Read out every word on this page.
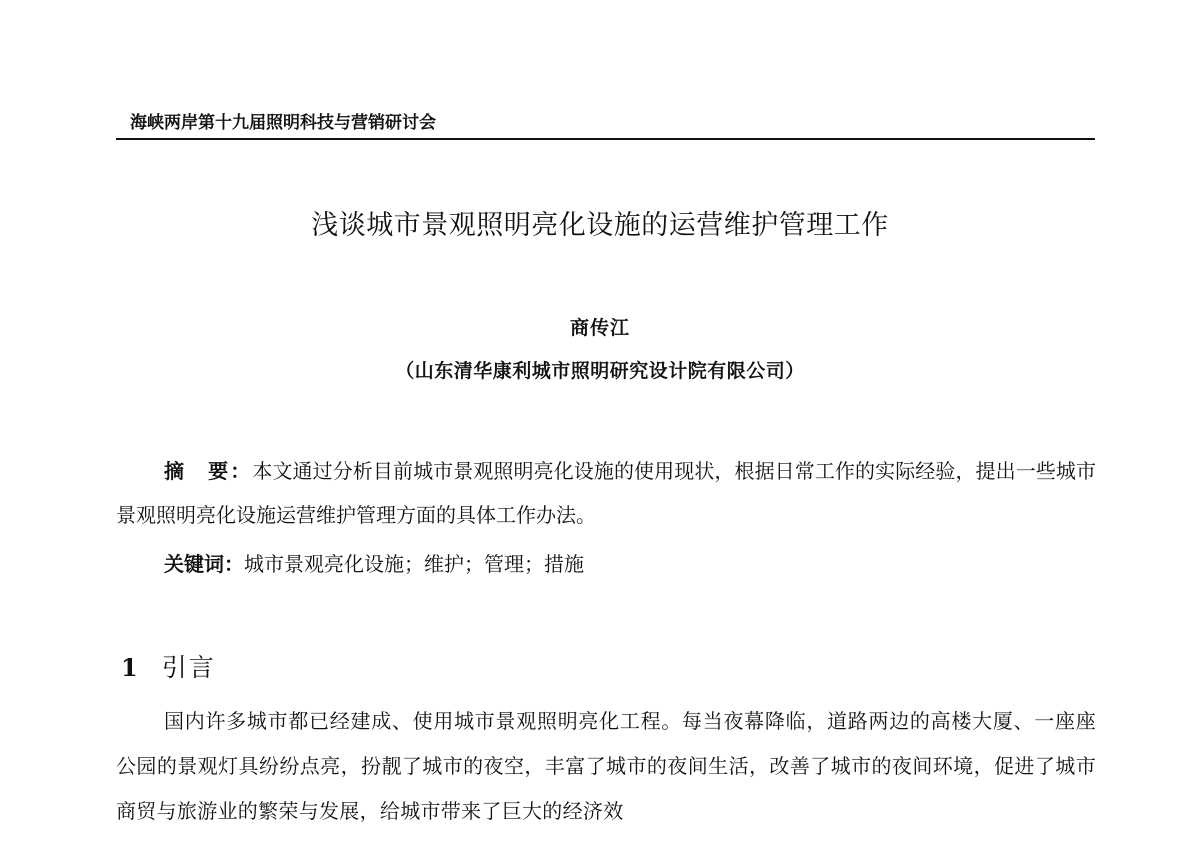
海峡两岸第十九届照明科技与营销研讨会
浅谈城市景观照明亮化设施的运营维护管理工作
商传江
（山东清华康利城市照明研究设计院有限公司）
摘　要：本文通过分析目前城市景观照明亮化设施的使用现状，根据日常工作的实际经验，提出一些城市景观照明亮化设施运营维护管理方面的具体工作办法。
关键词：城市景观亮化设施；维护；管理；措施
1 引言
国内许多城市都已经建成、使用城市景观照明亮化工程。每当夜幕降临，道路两边的高楼大厦、一座座公园的景观灯具纷纷点亮，扮靓了城市的夜空，丰富了城市的夜间生活，改善了城市的夜间环境，促进了城市商贸与旅游业的繁荣与发展，给城市带来了巨大的经济效
